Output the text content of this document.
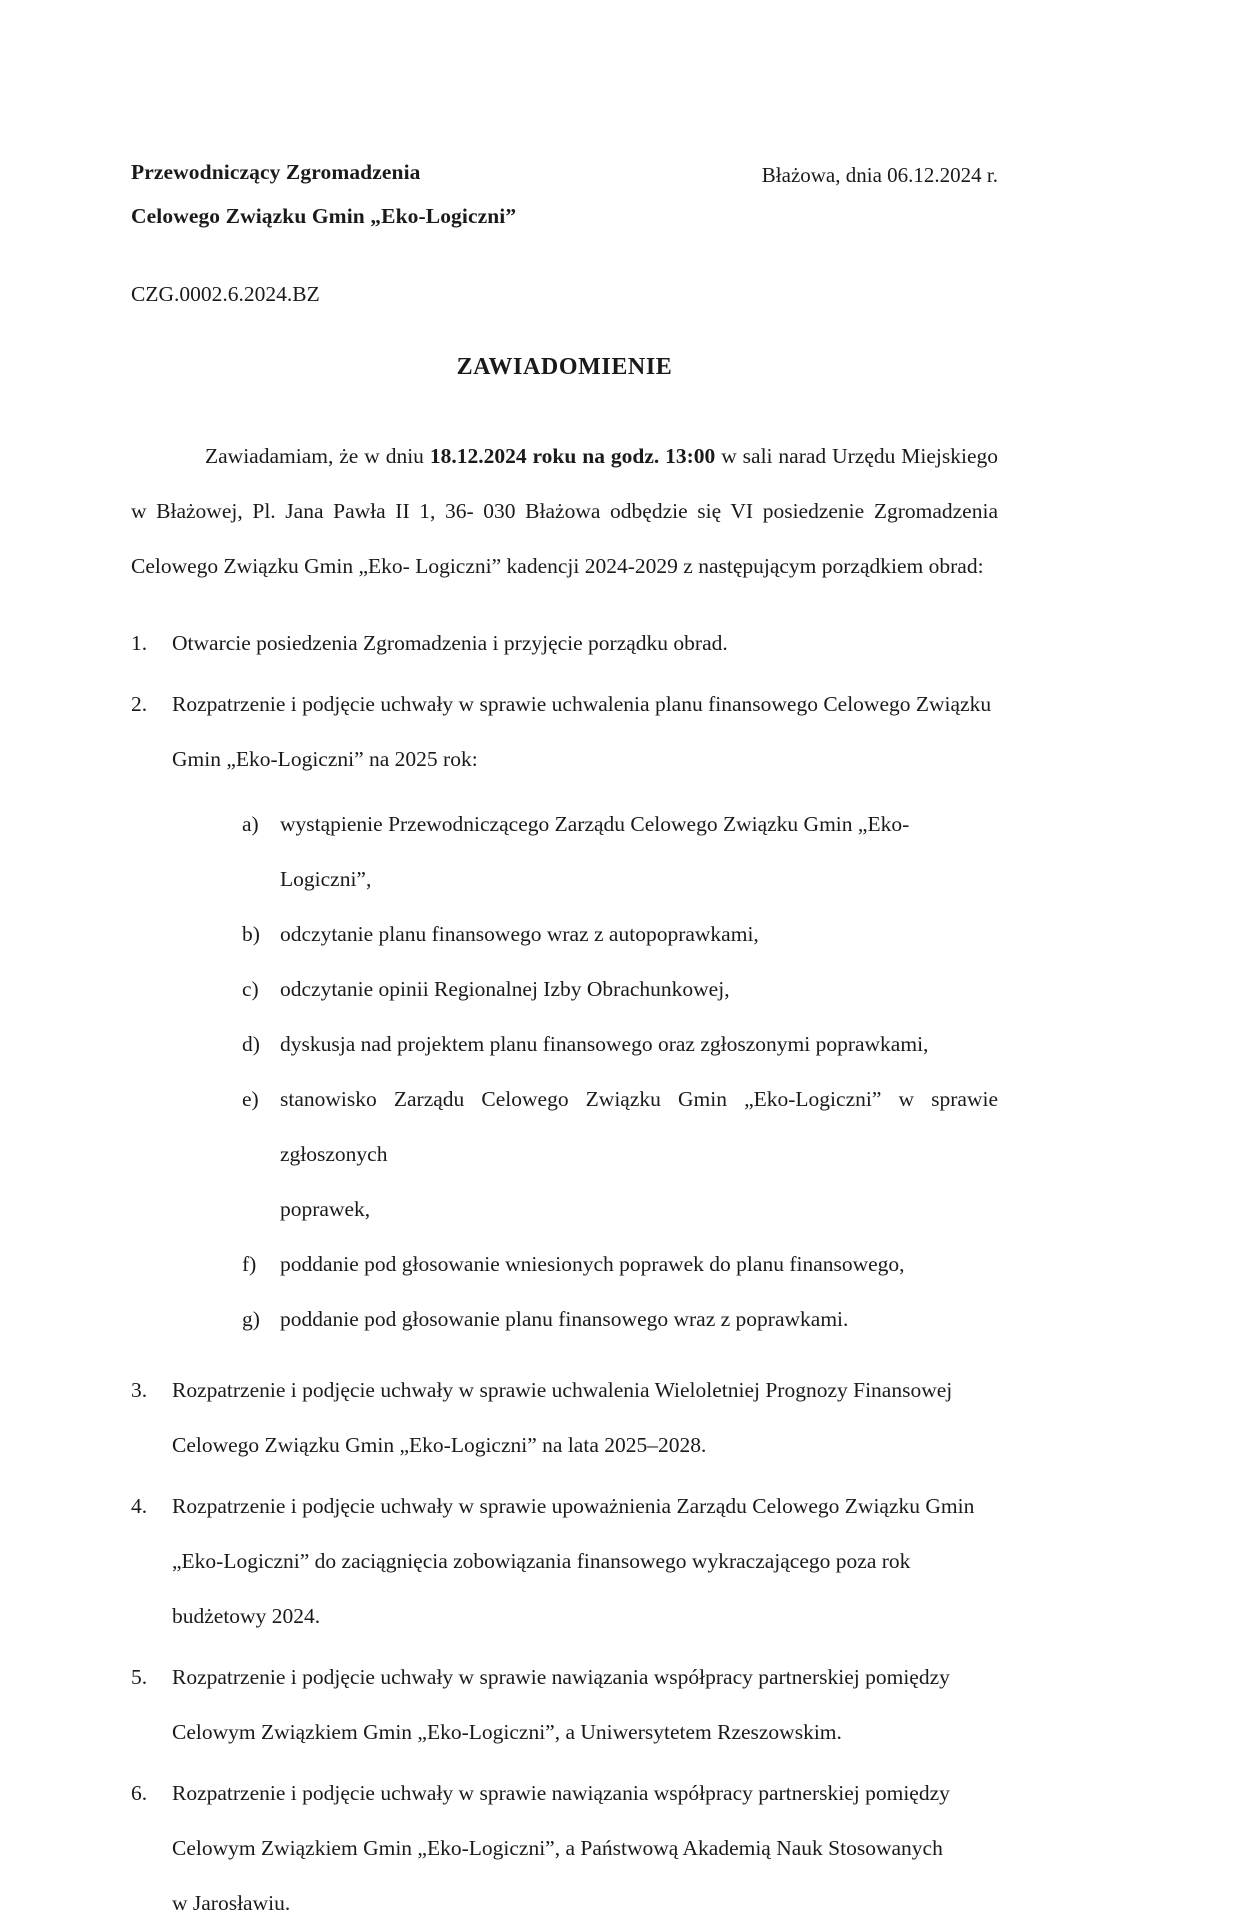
Przewodniczący Zgromadzenia
Celowego Związku Gmin „Eko-Logiczni”
Błażowa, dnia 06.12.2024 r.
CZG.0002.6.2024.BZ
ZAWIADOMIENIE

Zawiadamiam, że w dniu 18.12.2024 roku na godz. 13:00 w sali narad Urzędu Miejskiego w Błażowej, Pl. Jana Pawła II 1, 36- 030 Błażowa odbędzie się VI posiedzenie Zgromadzenia Celowego Związku Gmin „Eko- Logiczni” kadencji 2024-2029 z następującym porządkiem obrad:

1.	Otwarcie posiedzenia Zgromadzenia i przyjęcie porządku obrad.
2.	Rozpatrzenie i podjęcie uchwały w sprawie uchwalenia planu finansowego Celowego Związku
Gmin „Eko-Logiczni” na 2025 rok:
a) wystąpienie Przewodniczącego Zarządu Celowego Związku Gmin „Eko-Logiczni”,
b) odczytanie planu finansowego wraz z autopoprawkami,
c) odczytanie opinii Regionalnej Izby Obrachunkowej,
d) dyskusja nad projektem planu finansowego oraz zgłoszonymi poprawkami,
e) stanowisko Zarządu Celowego Związku Gmin „Eko-Logiczni” w sprawie zgłoszonych
poprawek,
f)	poddanie pod głosowanie wniesionych poprawek do planu finansowego,
g) poddanie pod głosowanie planu finansowego wraz z poprawkami.
3.	Rozpatrzenie i podjęcie uchwały w sprawie uchwalenia Wieloletniej Prognozy Finansowej
Celowego Związku Gmin „Eko-Logiczni” na lata 2025–2028.
4.	Rozpatrzenie i podjęcie uchwały w sprawie upoważnienia Zarządu Celowego Związku Gmin
„Eko-Logiczni” do zaciągnięcia zobowiązania finansowego wykraczającego poza rok
budżetowy 2024.
5.	Rozpatrzenie i podjęcie uchwały w sprawie nawiązania współpracy partnerskiej pomiędzy
Celowym Związkiem Gmin „Eko-Logiczni”, a Uniwersytetem Rzeszowskim.
6.	Rozpatrzenie i podjęcie uchwały w sprawie nawiązania współpracy partnerskiej pomiędzy
Celowym Związkiem Gmin „Eko-Logiczni”, a Państwową Akademią Nauk Stosowanych
w Jarosławiu.
